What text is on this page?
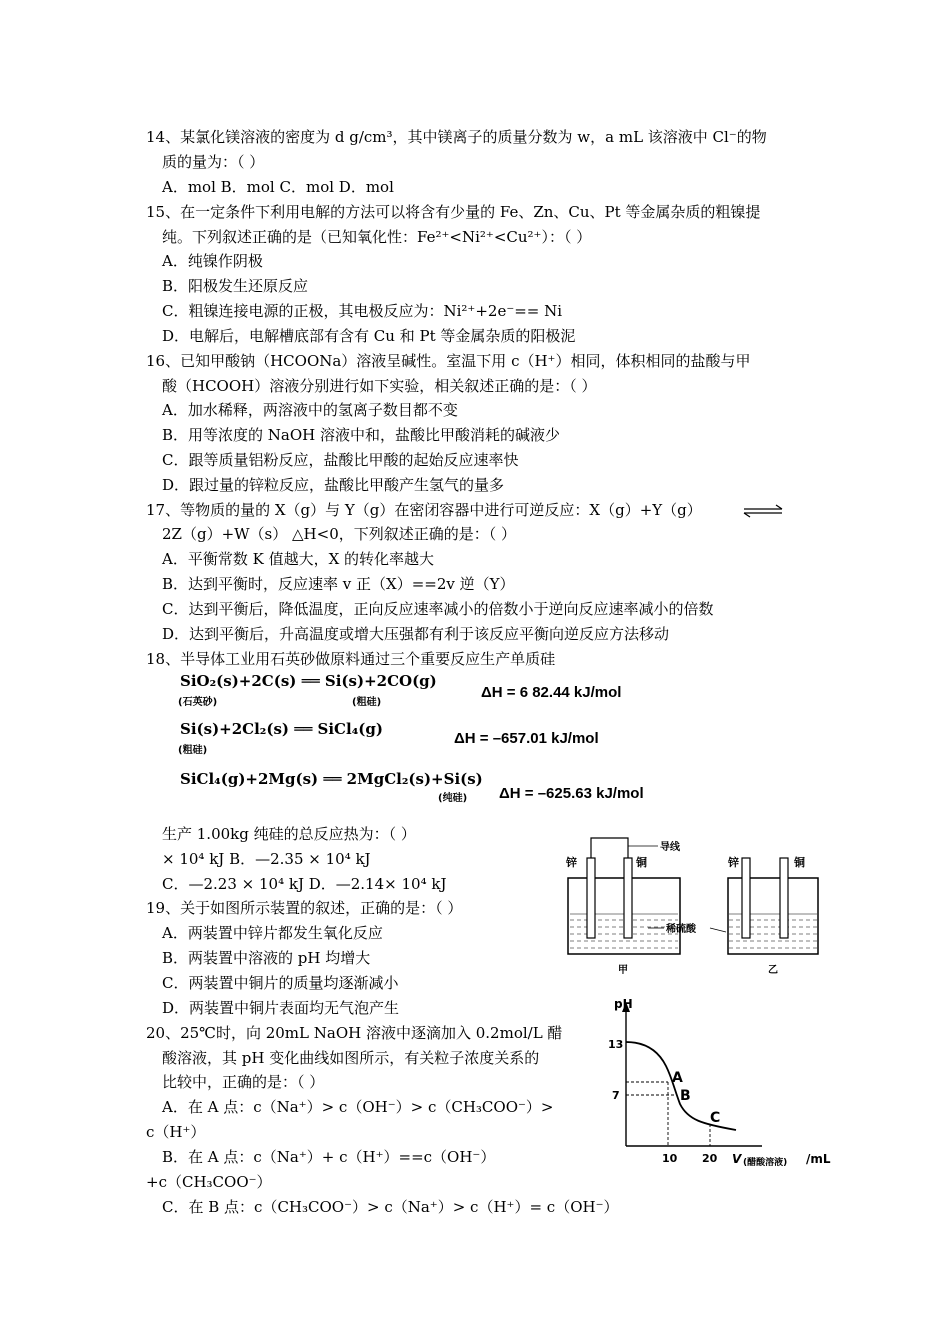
14、某氯化镁溶液的密度为 d g/cm³，其中镁离子的质量分数为 w，a mL 该溶液中 Cl⁻的物
质的量为：（ ）
A．mol B．mol C．mol D．mol
15、在一定条件下利用电解的方法可以将含有少量的 Fe、Zn、Cu、Pt 等金属杂质的粗镍提
纯。下列叙述正确的是（已知氧化性：Fe²⁺<Ni²⁺<Cu²⁺）：（ ）
A．纯镍作阴极
B．阳极发生还原反应
C．粗镍连接电源的正极，其电极反应为：Ni²⁺+2e⁻== Ni
D．电解后，电解槽底部有含有 Cu 和 Pt 等金属杂质的阳极泥
16、已知甲酸钠（HCOONa）溶液呈碱性。室温下用 c（H⁺）相同，体积相同的盐酸与甲
酸（HCOOH）溶液分别进行如下实验，相关叙述正确的是：（ ）
A．加水稀释，两溶液中的氢离子数目都不变
B．用等浓度的 NaOH 溶液中和，盐酸比甲酸消耗的碱液少
C．跟等质量铝粉反应，盐酸比甲酸的起始反应速率快
D．跟过量的锌粒反应，盐酸比甲酸产生氢气的量多
17、等物质的量的 X（g）与 Y（g）在密闭容器中进行可逆反应：X（g）+Y（g）
2Z（g）+W（s） △H<0，下列叙述正确的是：（ ）
A．平衡常数 K 值越大，X 的转化率越大
B．达到平衡时，反应速率 v 正（X）==2v 逆（Y）
C．达到平衡后，降低温度，正向反应速率减小的倍数小于逆向反应速率减小的倍数
D．达到平衡后，升高温度或增大压强都有利于该反应平衡向逆反应方法移动
18、半导体工业用石英砂做原料通过三个重要反应生产单质硅
SiO₂(s)+2C(s) ══ Si(s)+2CO(g)
(石英砂)	(粗硅)
ΔH = 6 82.44 kJ/mol
Si(s)+2Cl₂(s) ══ SiCl₄(g)
(粗硅)
ΔH = –657.01 kJ/mol
SiCl₄(g)+2Mg(s) ══ 2MgCl₂(s)+Si(s)
(纯硅) ΔH = –625.63 kJ/mol
生产 1.00kg 纯硅的总反应热为：（ ）
× 10⁴ kJ B．—2.35 × 10⁴ kJ
C．—2.23 × 10⁴ kJ D．—2.14× 10⁴ kJ
19、关于如图所示装置的叙述，正确的是：（ ）
A．两装置中锌片都发生氧化反应
B．两装置中溶液的 pH 均增大
C．两装置中铜片的质量均逐渐减小
D．两装置中铜片表面均无气泡产生
20、25℃时，向 20mL NaOH 溶液中逐滴加入 0.2mol/L 醋
酸溶液，其 pH 变化曲线如图所示，有关粒子浓度关系的
比较中，正确的是：（ ）
A．在 A 点：c（Na⁺）> c（OH⁻）> c（CH₃COO⁻）>
c（H⁺）
B．在 A 点：c（Na⁺）+ c（H⁺）==c（OH⁻）
+c（CH₃COO⁻）
C．在 B 点：c（CH₃COO⁻）> c（Na⁺）> c（H⁺）= c（OH⁻）
锌	铜
导线
稀硫酸
甲
锌	铜
乙
pH
13
7
10 20 V (醋酸溶液) /mL
A
B
C
